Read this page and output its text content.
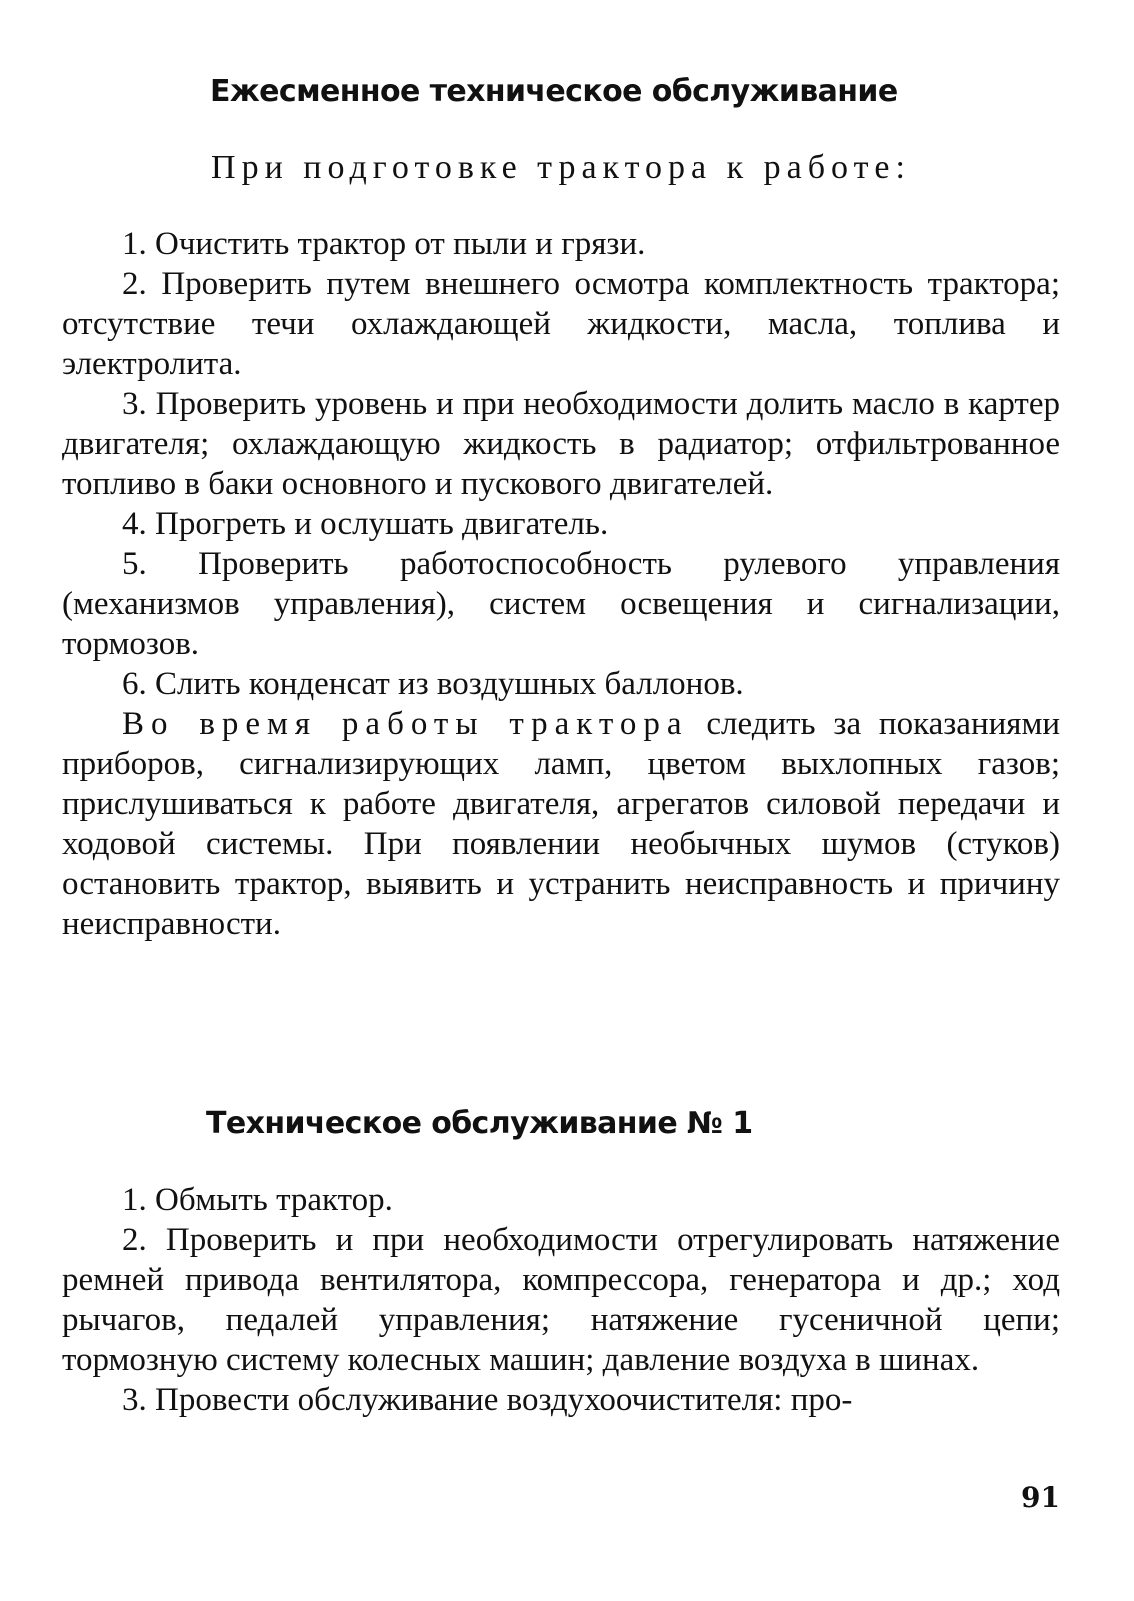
Ежесменное техническое обслуживание

При подготовке трактора к работе:

1. Очистить трактор от пыли и грязи.

2. Проверить путем внешнего осмотра комплектность трактора; отсутствие течи охлаждающей жидкости, масла, топлива и электролита.

3. Проверить уровень и при необходимости долить масло в картер двигателя; охлаждающую жидкость в радиатор; отфильтрованное топливо в баки основного и пускового двигателей.

4. Прогреть и ослушать двигатель.

5. Проверить работоспособность рулевого управления (механизмов управления), систем освещения и сигнализации, тормозов.

6. Слить конденсат из воздушных баллонов.

Во время работы трактора следить за показаниями приборов, сигнализирующих ламп, цветом выхлопных газов; прислушиваться к работе двигателя, агрегатов силовой передачи и ходовой системы. При появлении необычных шумов (стуков) остановить трактор, выявить и устранить неисправность и причину неисправности.

Техническое обслуживание № 1

1. Обмыть трактор.

2. Проверить и при необходимости отрегулировать натяжение ремней привода вентилятора, компрессора, генератора и др.; ход рычагов, педалей управления; натяжение гусеничной цепи; тормозную систему колесных машин; давление воздуха в шинах.

3. Провести обслуживание воздухоочистителя: про-

91
